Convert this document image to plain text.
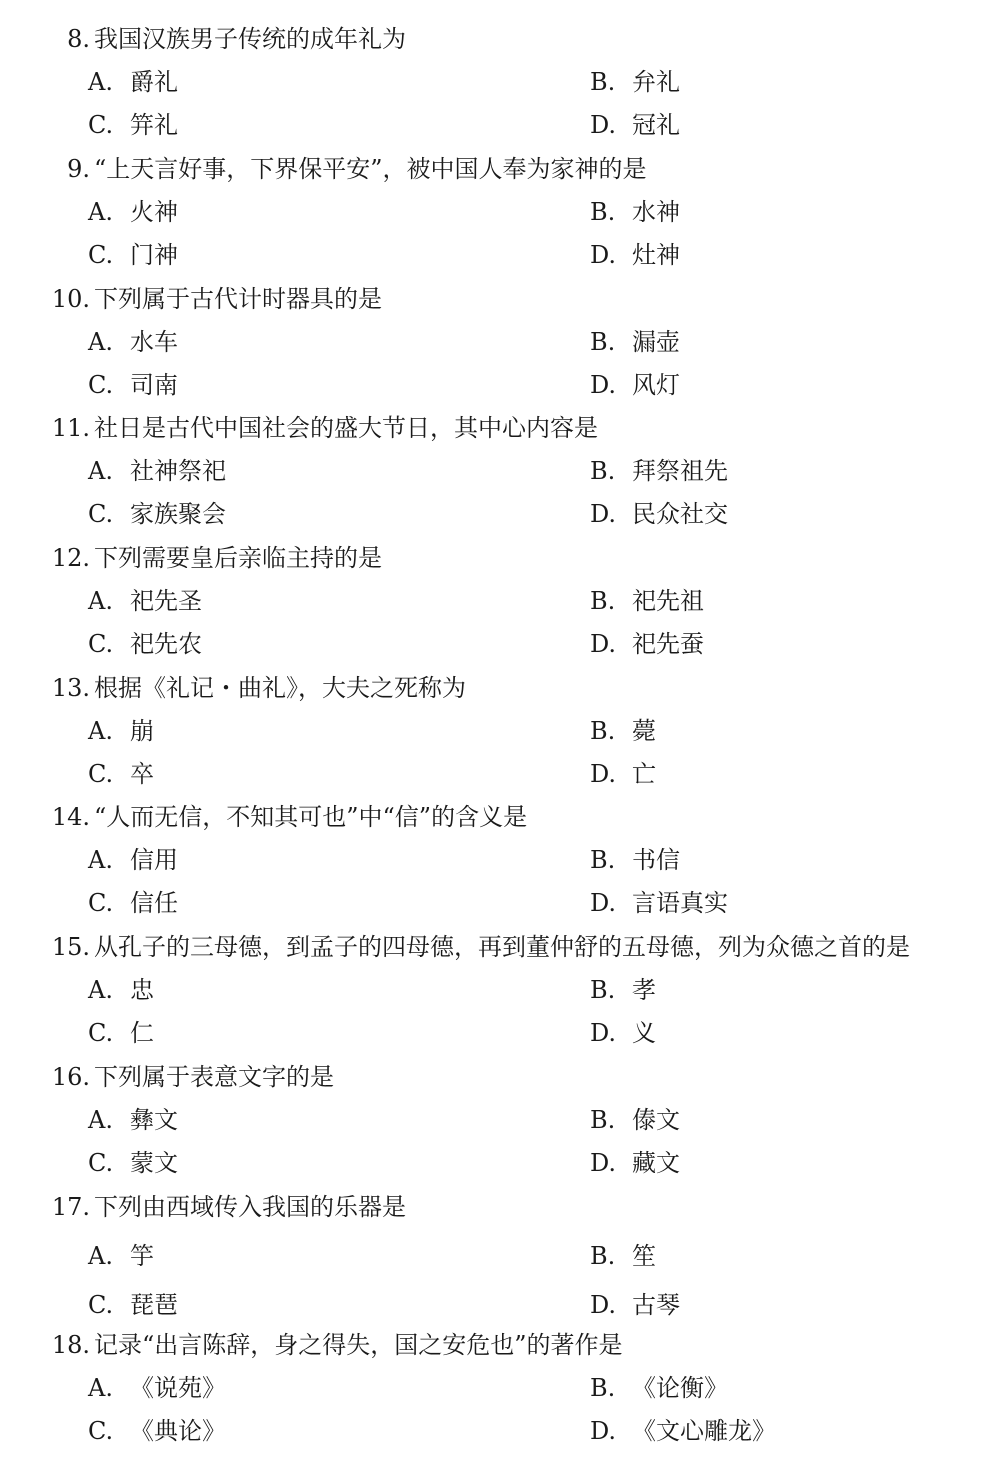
8. 我国汉族男子传统的成年礼为
A. 爵礼	B. 弁礼
C. 笄礼	D. 冠礼
9. “上天言好事，下界保平安”，被中国人奉为家神的是
A. 火神	B. 水神
C. 门神	D. 灶神
10. 下列属于古代计时器具的是
A. 水车	B. 漏壶
C. 司南	D. 风灯
11. 社日是古代中国社会的盛大节日，其中心内容是
A. 社神祭祀	B. 拜祭祖先
C. 家族聚会	D. 民众社交
12. 下列需要皇后亲临主持的是
A. 祀先圣	B. 祀先祖
C. 祀先农	D. 祀先蚕
13. 根据《礼记・曲礼》，大夫之死称为
A. 崩	B. 薨
C. 卒	D. 亡
14. “人而无信，不知其可也”中“信”的含义是
A. 信用	B. 书信
C. 信任	D. 言语真实
15. 从孔子的三母德，到孟子的四母德，再到董仲舒的五母德，列为众德之首的是
A. 忠	B. 孝
C. 仁	D. 义
16. 下列属于表意文字的是
A. 彝文	B. 傣文
C. 蒙文	D. 藏文
17. 下列由西域传入我国的乐器是
A. 竽	B. 笙
C. 琵琶	D. 古琴
18. 记录“出言陈辞，身之得失，国之安危也”的著作是
A. 《说苑》	B. 《论衡》
C. 《典论》	D. 《文心雕龙》
